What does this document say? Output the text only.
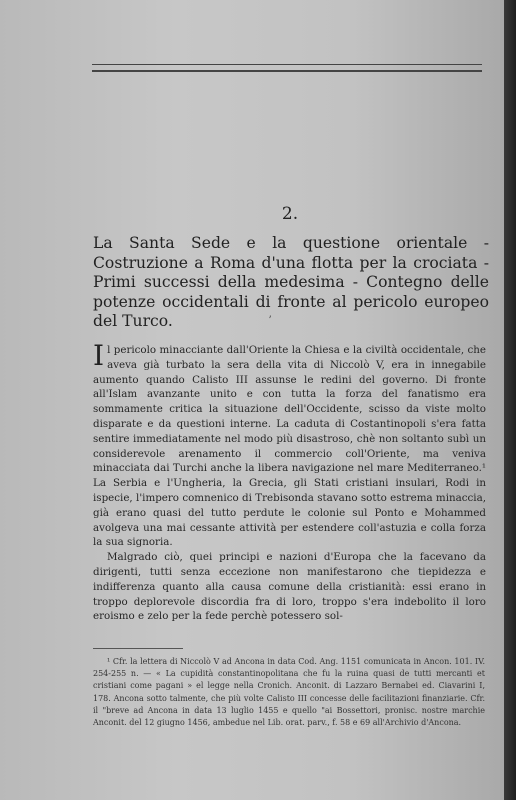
2.
La Santa Sede e la questione orientale - Costruzione a Roma d'una flotta per la crociata - Primi successi della medesima - Contegno delle potenze occidentali di fronte al pericolo europeo del Turco.	ʼ

Il pericolo minacciante dall'Oriente la Chiesa e la civiltà occidentale, che aveva già turbato la sera della vita di Niccolò V, era in innegabile aumento quando Calisto III assunse le redini del governo. Di fronte all'Islam avanzante unito e con tutta la forza del fanatismo era sommamente critica la situazione dell'Occidente, scisso da viste molto disparate e da questioni interne. La caduta di Costantinopoli s'era fatta sentire immediatamente nel modo più disastroso, chè non soltanto subì un considerevole arenamento il commercio coll'Oriente, ma veniva minacciata dai Turchi anche la libera navigazione nel mare Mediterraneo.¹ La Serbia e l'Ungheria, la Grecia, gli Stati cristiani insulari, Rodi in ispecie, l'impero comnenico di Trebisonda stavano sotto estrema minaccia, già erano quasi del tutto perdute le colonie sul Ponto e Mohammed avolgeva una mai cessante attività per estendere coll'astuzia e colla forza la sua signoria.

Malgrado ciò, quei principi e nazioni d'Europa che la facevano da dirigenti, tutti senza eccezione non manifestarono che tiepidezza e indifferenza quanto alla causa comune della cristianità: essi erano in troppo deplorevole discordia fra di loro, troppo s'era indebolito il loro eroismo e zelo per la fede perchè potessero sol-

¹ Cfr. la lettera di Niccolò V ad Ancona in data Cod. Ang. 1151 comunicata in Ancon. 101. IV. 254-255 n. — « La cupidità constantinopolitana che fu la ruina quasi de tutti mercanti et cristiani come pagani » el legge nella Cronich. Anconit. di Lazzaro Bernabei ed. Ciavarini I, 178. Ancona sotto talmente, che più volte Calisto III concesse delle facilitazioni finanziarie. Cfr. il "breve ad Ancona in data 13 luglio 1455 e quello "ai Bossettori, pronisc. nostre marchie Anconit. del 12 giugno 1456, ambedue nel Lib. orat. parv., f. 58 e 69 all'Archivio d'Ancona.
